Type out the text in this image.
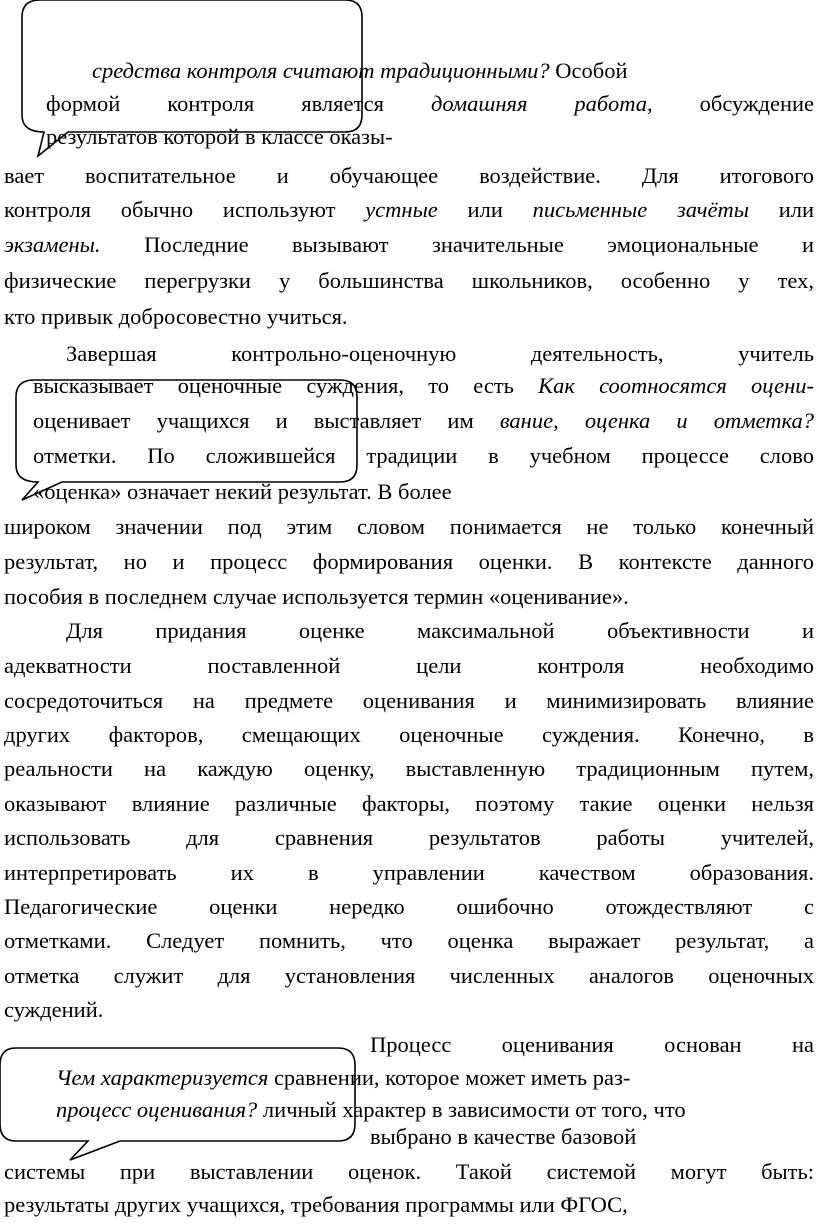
средства контроля считают традиционными? Особой
формой контроля является домашняя работа, обсуждение
результатов которой в классе оказы-
вает воспитательное и обучающее воздействие. Для итогового
контроля обычно используют устные или письменные зачёты или
экзамены. Последние вызывают значительные эмоциональные и
физические перегрузки у большинства школьников, особенно у тех,
кто привык добросовестно учиться.
Завершая контрольно-оценочную деятельность, учитель
высказывает оценочные суждения, то есть Как соотносятся оцени-
оценивает учащихся и выставляет им вание, оценка и отметка?
отметки. По сложившейся традиции в учебном процессе слово
«оценка» означает некий результат. В более
широком значении под этим словом понимается не только конечный
результат, но и процесс формирования оценки. В контексте данного
пособия в последнем случае используется термин «оценивание».
Для придания оценке максимальной объективности и
адекватности поставленной цели контроля необходимо
сосредоточиться на предмете оценивания и минимизировать влияние
других факторов, смещающих оценочные суждения. Конечно, в
реальности на каждую оценку, выставленную традиционным путем,
оказывают влияние различные факторы, поэтому такие оценки нельзя
использовать для сравнения результатов работы учителей,
интерпретировать их в управлении качеством образования.
Педагогические оценки нередко ошибочно отождествляют с
отметками. Следует помнить, что оценка выражает результат, а
отметка служит для установления численных аналогов оценочных
суждений.
Процесс оценивания основан на
Чем характеризуется сравнении, которое может иметь раз-
процесс оценивания? личный характер в зависимости от того, что
выбрано в качестве базовой
системы при выставлении оценок. Такой системой могут быть:
результаты других учащихся, требования программы или ФГОС,
